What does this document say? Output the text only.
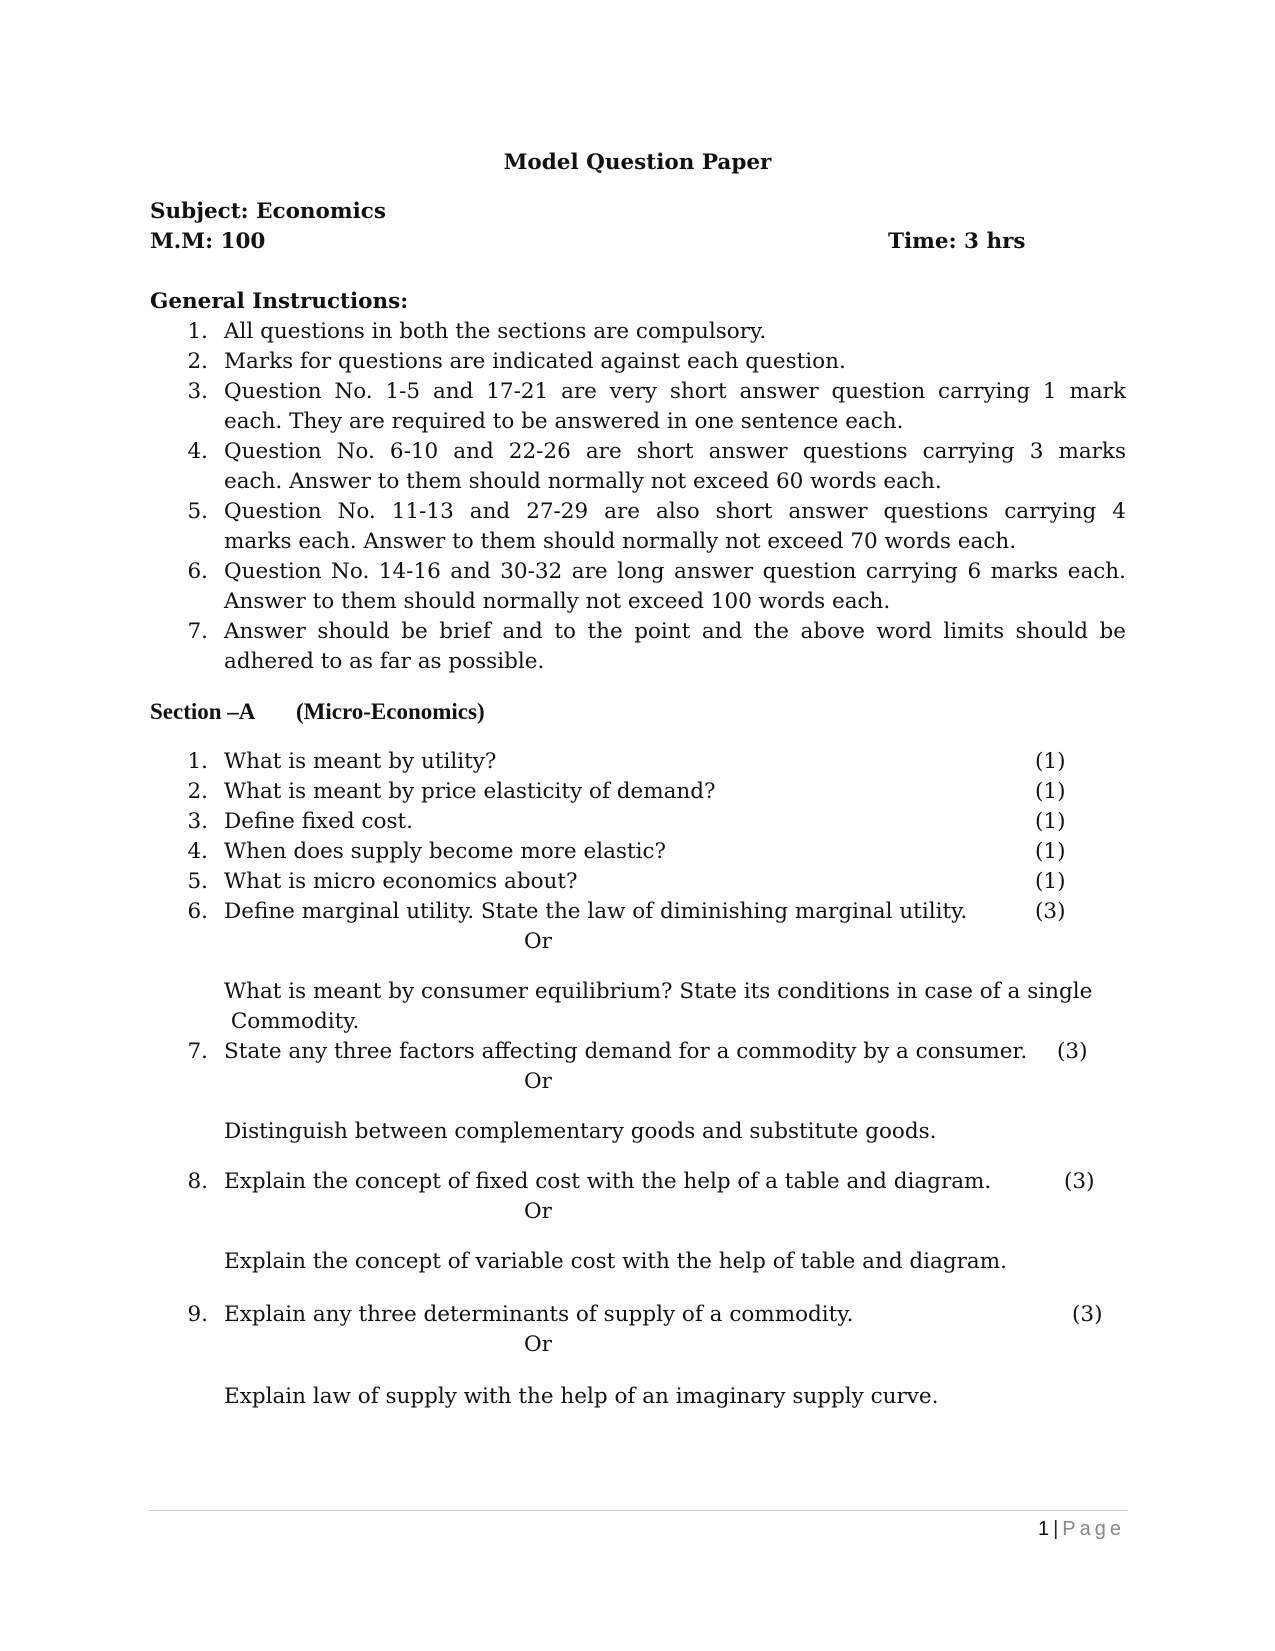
Model Question Paper
Subject: Economics
M.M: 100	Time: 3 hrs
General Instructions:
1. All questions in both the sections are compulsory.
2. Marks for questions are indicated against each question.
3. Question No. 1-5 and 17-21 are very short answer question carrying 1 mark
each. They are required to be answered in one sentence each.
4. Question No. 6-10 and 22-26 are short answer questions carrying 3 marks
each. Answer to them should normally not exceed 60 words each.
5. Question No. 11-13 and 27-29 are also short answer questions carrying 4
marks each. Answer to them should normally not exceed 70 words each.
6. Question No. 14-16 and 30-32 are long answer question carrying 6 marks each.
Answer to them should normally not exceed 100 words each.
7. Answer should be brief and to the point and the above word limits should be
adhered to as far as possible.
Section –A (Micro-Economics)
1. What is meant by utility?	(1)
2. What is meant by price elasticity of demand?	(1)
3. Define fixed cost.	(1)
4. When does supply become more elastic?	(1)
5. What is micro economics about?	(1)
6. Define marginal utility. State the law of diminishing marginal utility.	(3)
Or
What is meant by consumer equilibrium? State its conditions in case of a single
Commodity.
7. State any three factors affecting demand for a commodity by a consumer. (3)
Or
Distinguish between complementary goods and substitute goods.
8. Explain the concept of fixed cost with the help of a table and diagram.	(3)
Or
Explain the concept of variable cost with the help of table and diagram.
9. Explain any three determinants of supply of a commodity.	(3)
Or
Explain law of supply with the help of an imaginary supply curve.
1 | Page
